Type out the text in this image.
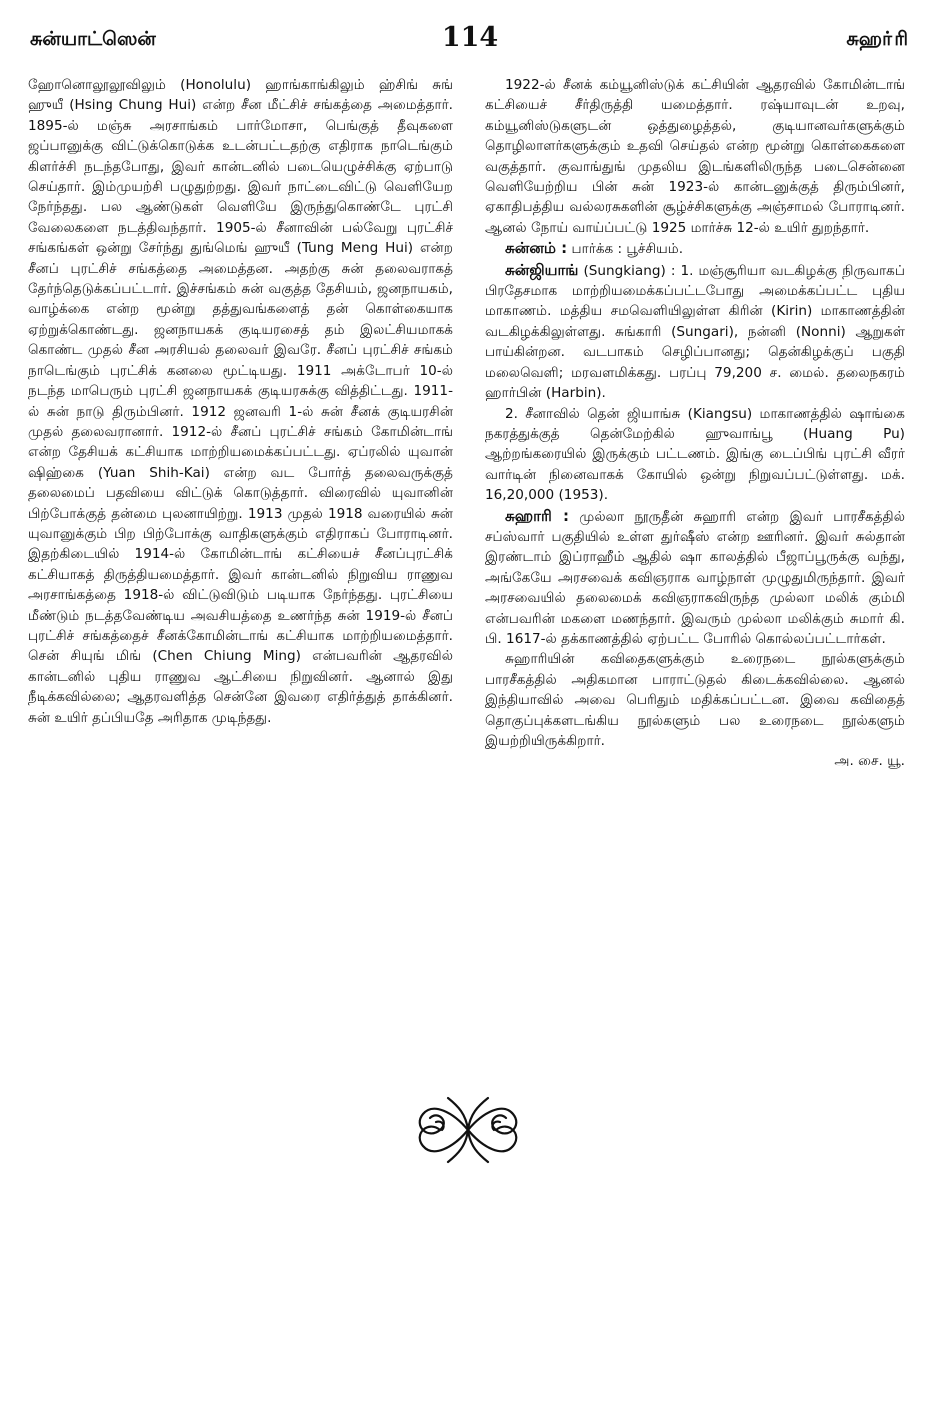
சுன்யாட்ஸென்	114	சுஹா்ரி

ஹோனொலூலூவிலும் (Honolulu) ஹாங்காங்கிலும் ஹ்சிங் சுங் ஹுயீ (Hsing Chung Hui) என்ற சீன மீட்சிச் சங்கத்தை அமைத்தார். 1895-ல் மஞ்சு அரசாங்கம் பார்மோசா, பெங்குத் தீவுகளை ஜப்பானுக்கு விட்டுக்கொடுக்க உடன்பட்டதற்கு எதிராக நாடெங்கும் கிளர்ச்சி நடந்தபோது, இவர் கான்டனில் படையெழுச்சிக்கு ஏற்பாடு செய்தார். இம்முயற்சி பழுதுற்றது. இவர் நாட்டைவிட்டு வெளியேற நேர்ந்தது. பல ஆண்டுகள் வெளியே இருந்துகொண்டே புரட்சி வேலைகளை நடத்திவந்தார். 1905-ல் சீனாவின் பல்வேறு புரட்சிச் சங்கங்கள் ஒன்று சேர்ந்து துங்மெங் ஹுயீ (Tung Meng Hui) என்ற சீனப் புரட்சிச் சங்கத்தை அமைத்தன. அதற்கு சுன் தலைவராகத் தேர்ந்தெடுக்கப்பட்டார். இச்சங்கம் சுன் வகுத்த தேசியம், ஜனநாயகம், வாழ்க்கை என்ற மூன்று தத்துவங்களைத் தன் கொள்கையாக ஏற்றுக்கொண்டது. ஜனநாயகக் குடியரசைத் தம் இலட்சியமாகக் கொண்ட முதல் சீன அரசியல் தலைவர் இவரே. சீனப் புரட்சிச் சங்கம் நாடெங்கும் புரட்சிக் கனலை மூட்டியது. 1911 அக்டோபர் 10-ல் நடந்த மாபெரும் புரட்சி ஜனநாயகக் குடியரசுக்கு வித்திட்டது. 1911-ல் சுன் நாடு திரும்பினர். 1912 ஜனவரி 1-ல் சுன் சீனக் குடியரசின் முதல் தலைவரானார். 1912-ல் சீனப் புரட்சிச் சங்கம் கோமின்டாங் என்ற தேசியக் கட்சியாக மாற்றியமைக்கப்பட்டது. ஏப்ரலில் யுவான் ஷிஹ்கை (Yuan Shih-Kai) என்ற வட போர்த் தலைவருக்குத் தலைமைப் பதவியை விட்டுக் கொடுத்தார். விரைவில் யுவானின் பிற்போக்குத் தன்மை புலனாயிற்று. 1913 முதல் 1918 வரையில் சுன் யுவானுக்கும் பிற பிற்போக்கு வாதிகளுக்கும் எதிராகப் போராடினர். இதற்கிடையில் 1914-ல் கோமின்டாங் கட்சியைச் சீனப்புரட்சிக் கட்சியாகத் திருத்தியமைத்தார். இவர் கான்டனில் நிறுவிய ராணுவ அரசாங்கத்தை 1918-ல் விட்டுவிடும் படியாக நேர்ந்தது. புரட்சியை மீண்டும் நடத்தவேண்டிய அவசியத்தை உணர்ந்த சுன் 1919-ல் சீனப் புரட்சிச் சங்கத்தைச் சீனக்கோமின்டாங் கட்சியாக மாற்றியமைத்தார். சென் சியுங் மிங் (Chen Chiung Ming) என்பவரின் ஆதரவில் கான்டனில் புதிய ராணுவ ஆட்சியை நிறுவினர். ஆனால் இது நீடிக்கவில்லை; ஆதரவளித்த சென்னே இவரை எதிர்த்துத் தாக்கினர். சுன் உயிர் தப்பியதே அரிதாக முடிந்தது.

1922-ல் சீனக் கம்யூனிஸ்டுக் கட்சியின் ஆதரவில் கோமின்டாங் கட்சியைச் சீர்திருத்தி யமைத்தார். ரஷ்யாவுடன் உறவு, கம்யூனிஸ்டுகளுடன் ஒத்துழைத்தல், குடியானவர்களுக்கும் தொழிலாளர்களுக்கும் உதவி செய்தல் என்ற மூன்று கொள்கைகளை வகுத்தார். குவாங்துங் முதலிய இடங்களிலிருந்த படைசென்னை வெளியேற்றிய பின் சுன் 1923-ல் கான்டனுக்குத் திரும்பினர், ஏகாதிபத்திய வல்லரசுகளின் சூழ்ச்சிகளுக்கு அஞ்சாமல் போராடினர். ஆனல் நோய் வாய்ப்பட்டு 1925 மார்ச்சு 12-ல் உயிர் துறந்தார்.

சுன்னம் : பார்க்க : பூச்சியம்.

சுன்ஜியாங் (Sungkiang) : 1. மஞ்சூரியா வடகிழக்கு நிருவாகப் பிரதேசமாக மாற்றியமைக்கப்பட்டபோது அமைக்கப்பட்ட புதிய மாகாணம். மத்திய சமவெளியிலுள்ள கிரின் (Kirin) மாகாணத்தின் வடகிழக்கிலுள்ளது. சுங்காரி (Sungari), நன்னி (Nonni) ஆறுகள் பாய்கின்றன. வடபாகம் செழிப்பானது; தென்கிழக்குப் பகுதி மலைவெளி; மரவளமிக்கது. பரப்பு 79,200 ச. மைல். தலைநகரம் ஹார்பின் (Harbin).

2. சீனாவில் தென் ஜியாங்சு (Kiangsu) மாகாணத்தில் ஷாங்கை நகரத்துக்குத் தென்மேற்கில் ஹுவாங்பூ (Huang Pu) ஆற்றங்கரையில் இருக்கும் பட்டணம். இங்கு டைப்பிங் புரட்சி வீரர் வார்டின் நினைவாகக் கோயில் ஒன்று நிறுவப்பட்டுள்ளது. மக். 16,20,000 (1953).

சுஹாரி : முல்லா நூருதீன் சுஹாரி என்ற இவர் பாரசீகத்தில் சப்ஸ்வார் பகுதியில் உள்ள துர்ஷீஸ் என்ற ஊரினர். இவர் சுல்தான் இரண்டாம் இப்ராஹீம் ஆதில் ஷா காலத்தில் பீஜாப்பூருக்கு வந்து, அங்கேயே அரசவைக் கவிஞராக வாழ்நாள் முழுதுமிருந்தார். இவர் அரசவையில் தலைமைக் கவிஞராகவிருந்த முல்லா மலிக் கும்மி என்பவரின் மகளை மணந்தார். இவரும் முல்லா மலிக்கும் சுமார் கி. பி. 1617-ல் தக்காணத்தில் ஏற்பட்ட போரில் கொல்லப்பட்டார்கள்.

சுஹாரியின் கவிதைகளுக்கும் உரைநடை நூல்களுக்கும் பாரசீகத்தில் அதிகமான பாராட்டுதல் கிடைக்கவில்லை. ஆனல் இந்தியாவில் அவை பெரிதும் மதிக்கப்பட்டன. இவை கவிதைத் தொகுப்புக்களடங்கிய நூல்களும் பல உரைநடை நூல்களும் இயற்றியிருக்கிறார்.

அ. சை. யூ.
